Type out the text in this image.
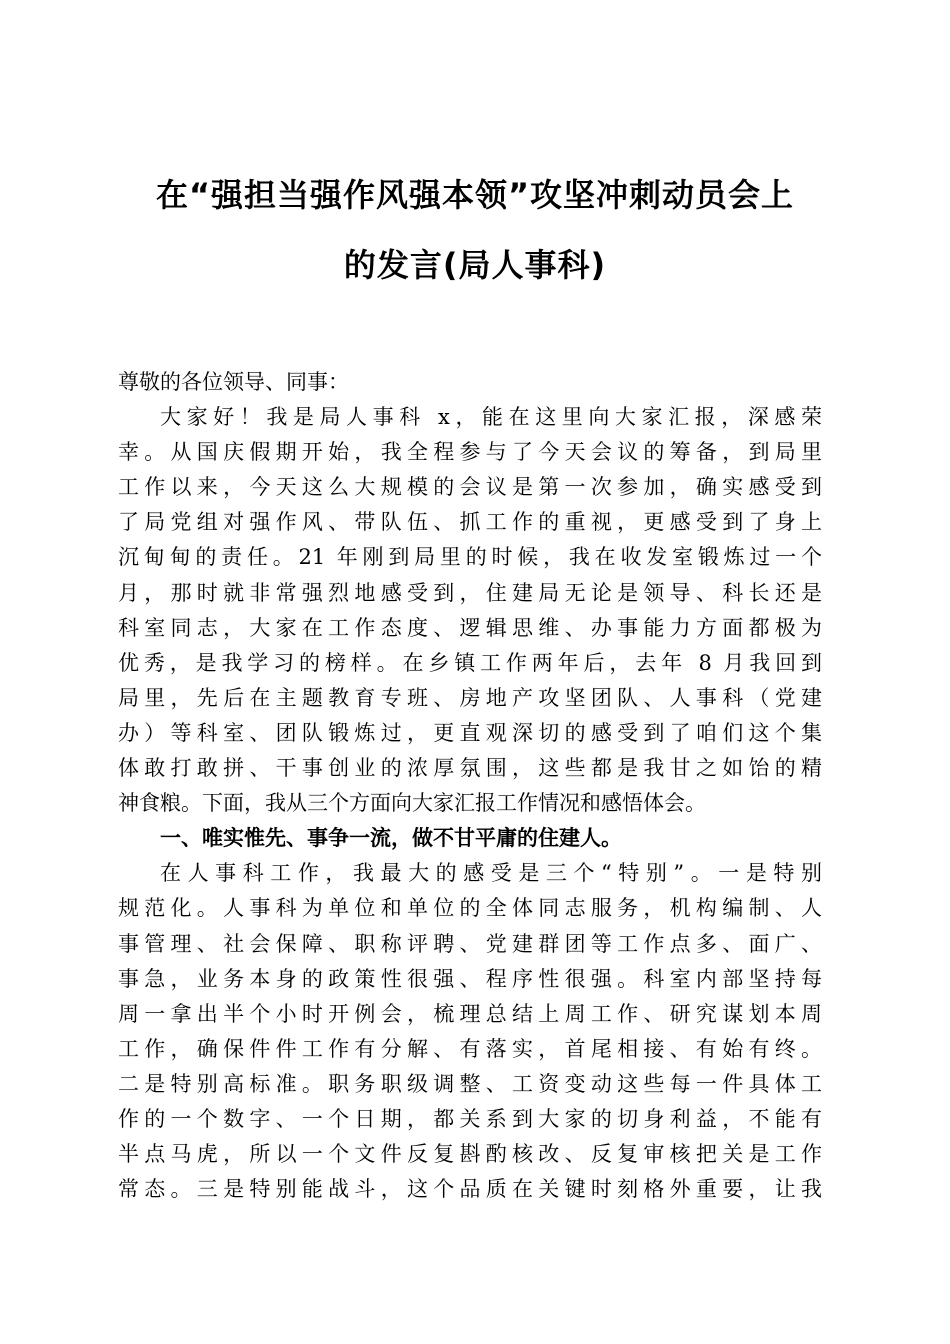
在“强担当强作风强本领”攻坚冲刺动员会上
的发言(局人事科)
尊敬的各位领导、同事：
大家好！我是局人事科 x，能在这里向大家汇报，深感荣
幸。从国庆假期开始，我全程参与了今天会议的筹备，到局里
工作以来，今天这么大规模的会议是第一次参加，确实感受到
了局党组对强作风、带队伍、抓工作的重视，更感受到了身上
沉甸甸的责任。21 年刚到局里的时候，我在收发室锻炼过一个
月，那时就非常强烈地感受到，住建局无论是领导、科长还是
科室同志，大家在工作态度、逻辑思维、办事能力方面都极为
优秀，是我学习的榜样。在乡镇工作两年后，去年 8 月我回到
局里，先后在主题教育专班、房地产攻坚团队、人事科（党建
办）等科室、团队锻炼过，更直观深切的感受到了咱们这个集
体敢打敢拼、干事创业的浓厚氛围，这些都是我甘之如饴的精
神食粮。下面，我从三个方面向大家汇报工作情况和感悟体会。
一、唯实惟先、事争一流，做不甘平庸的住建人。
在人事科工作，我最大的感受是三个“特别”。一是特别
规范化。人事科为单位和单位的全体同志服务，机构编制、人
事管理、社会保障、职称评聘、党建群团等工作点多、面广、
事急，业务本身的政策性很强、程序性很强。科室内部坚持每
周一拿出半个小时开例会，梳理总结上周工作、研究谋划本周
工作，确保件件工作有分解、有落实，首尾相接、有始有终。
二是特别高标准。职务职级调整、工资变动这些每一件具体工
作的一个数字、一个日期，都关系到大家的切身利益，不能有
半点马虎，所以一个文件反复斟酌核改、反复审核把关是工作
常态。三是特别能战斗，这个品质在关键时刻格外重要，让我
